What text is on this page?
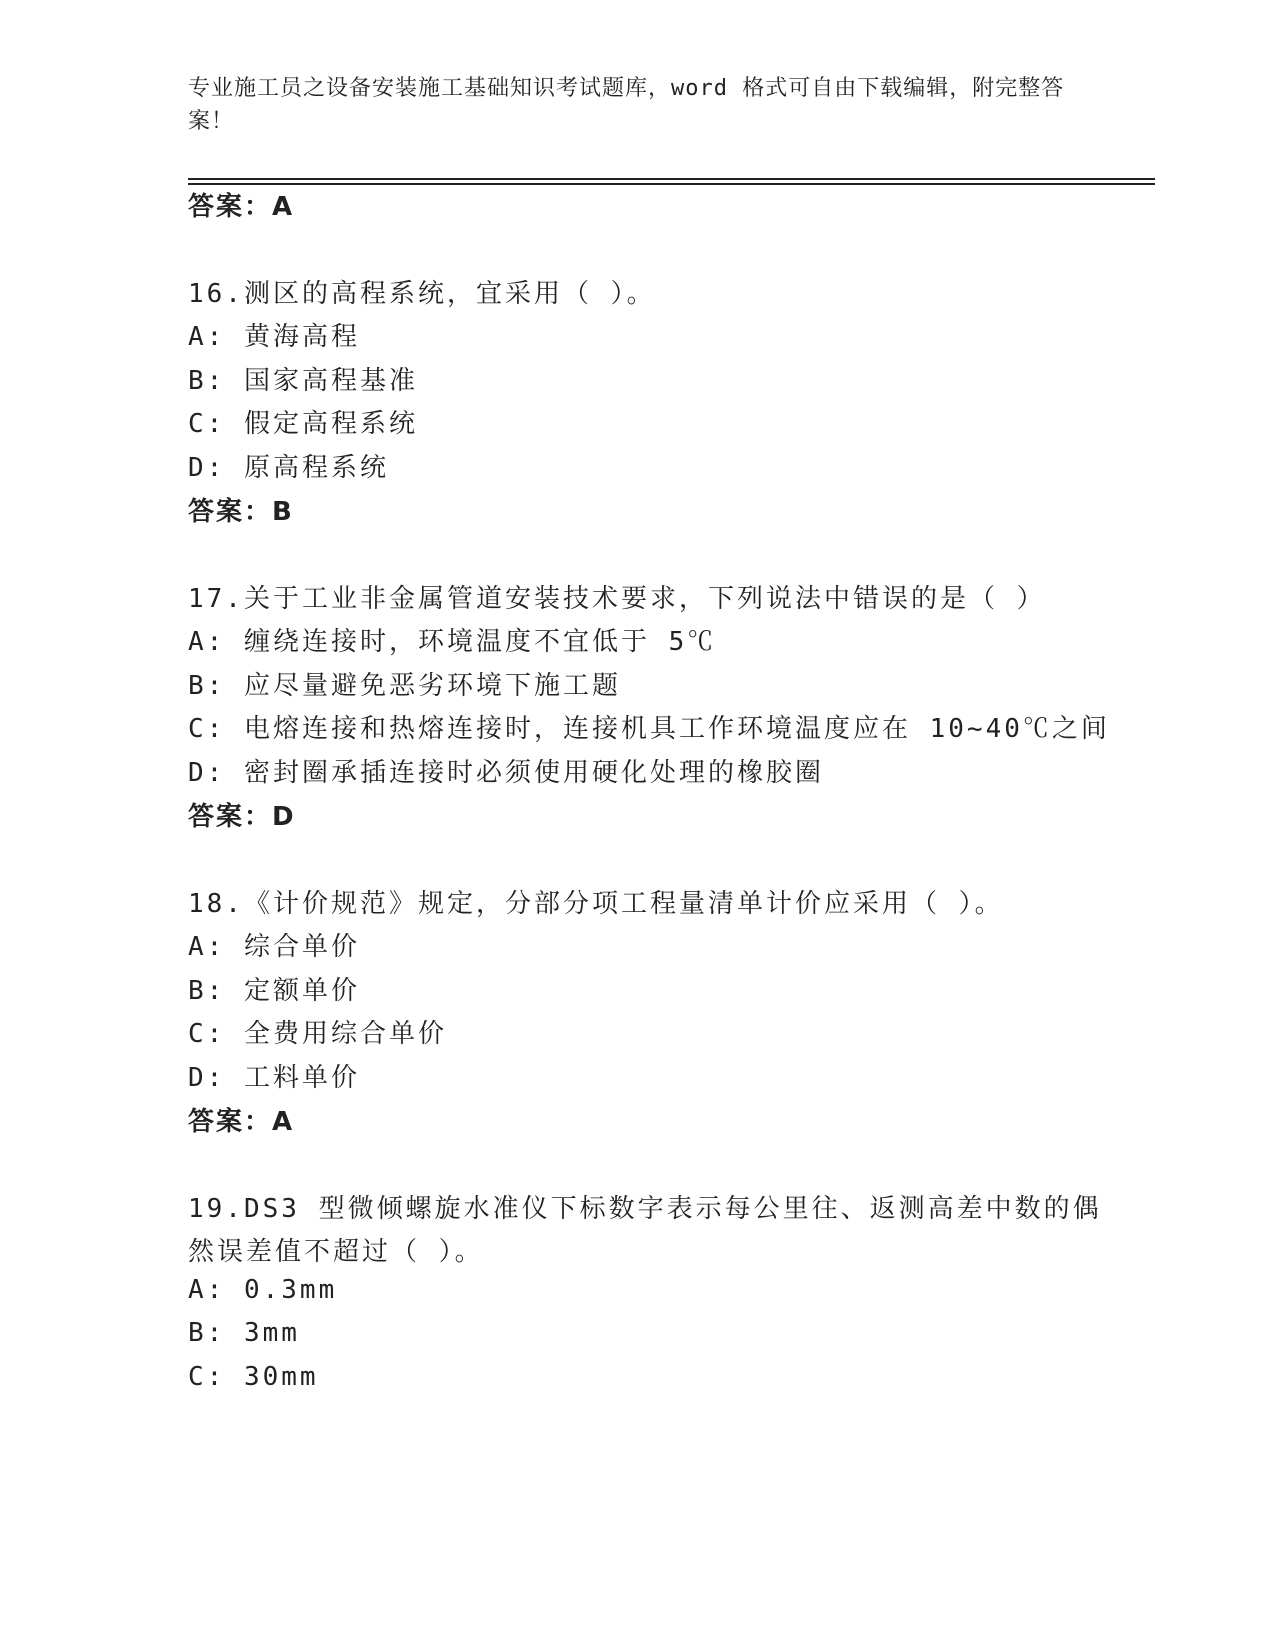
专业施工员之设备安装施工基础知识考试题库，word 格式可自由下载编辑，附完整答案！
答案：A
16.测区的高程系统，宜采用（ ）。
A: 黄海高程
B: 国家高程基准
C: 假定高程系统
D: 原高程系统
答案：B
17.关于工业非金属管道安装技术要求，下列说法中错误的是（ ）
A: 缠绕连接时，环境温度不宜低于 5℃
B: 应尽量避免恶劣环境下施工题
C: 电熔连接和热熔连接时，连接机具工作环境温度应在 10~40℃之间
D: 密封圈承插连接时必须使用硬化处理的橡胶圈
答案：D
18.《计价规范》规定，分部分项工程量清单计价应采用（ ）。
A: 综合单价
B: 定额单价
C: 全费用综合单价
D: 工料单价
答案：A
19.DS3 型微倾螺旋水准仪下标数字表示每公里往、返测高差中数的偶
然误差值不超过（ ）。
A: 0.3mm
B: 3mm
C: 30mm
